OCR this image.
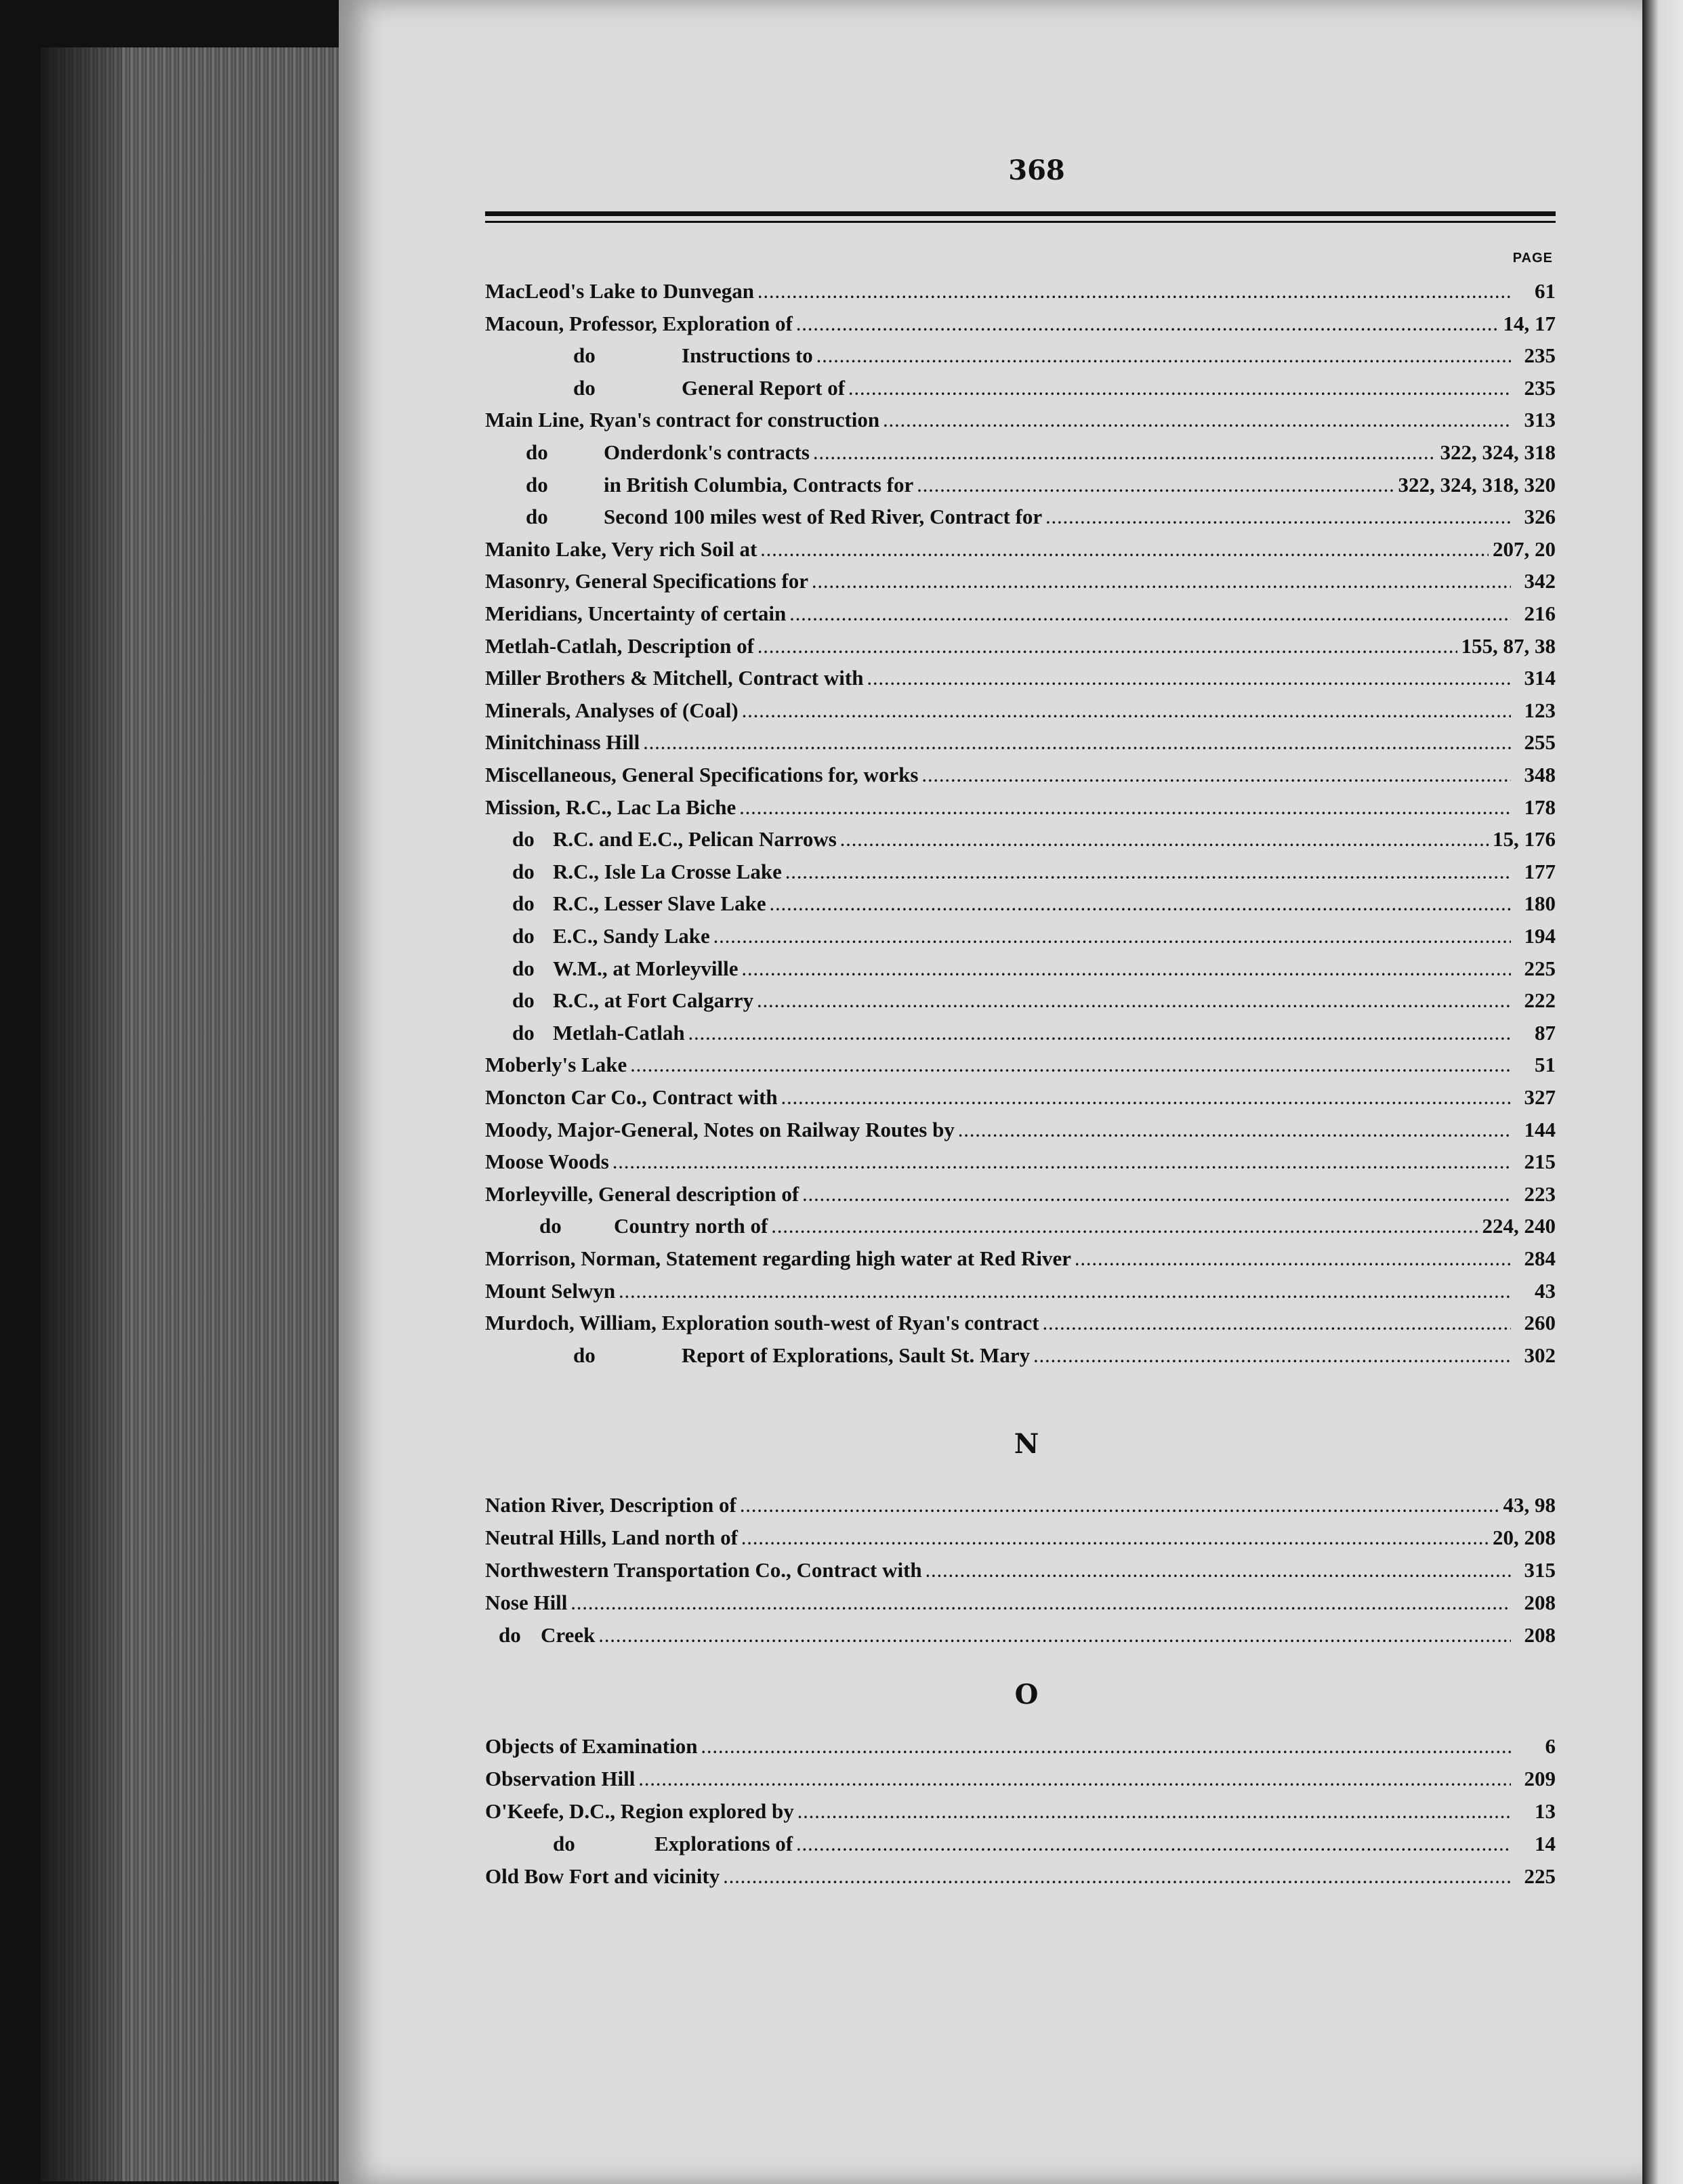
368
PAGE
MacLeod's Lake to Dunvegan .....	61
Macoun, Professor, Exploration of .....	14, 17
do	Instructions to .....	235
do	General Report of .....	235
Main Line, Ryan's contract for construction .....	313
do	Onderdonk's contracts .....	322, 324, 318
do	in British Columbia, Contracts for .....	322, 324, 318, 320
do	Second 100 miles west of Red River, Contract for .....	326
Manito Lake, Very rich Soil at .....	207, 20
Masonry, General Specifications for .....	342
Meridians, Uncertainty of certain .....	216
Metlah-Catlah, Description of .....	155, 87, 38
Miller Brothers & Mitchell, Contract with .....	314
Minerals, Analyses of (Coal) .....	123
Minitchinass Hill .....	255
Miscellaneous, General Specifications for, works .....	348
Mission, R.C., Lac La Biche .....	178
do R.C. and E.C., Pelican Narrows .....	15, 176
do R.C., Isle La Crosse Lake .....	177
do R.C., Lesser Slave Lake .....	180
do E.C., Sandy Lake .....	194
do W.M., at Morleyville .....	225
do R.C., at Fort Calgarry .....	222
do Metlah-Catlah .....	87
Moberly's Lake .....	51
Moncton Car Co., Contract with .....	327
Moody, Major-General, Notes on Railway Routes by .....	144
Moose Woods .....	215
Morleyville, General description of .....	223
do	Country north of .....	224, 240
Morrison, Norman, Statement regarding high water at Red River .....	284
Mount Selwyn .....	43
Murdoch, William, Exploration south-west of Ryan's contract .....	260
do	Report of Explorations, Sault St. Mary .....	302
N
Nation River, Description of .....	43, 98
Neutral Hills, Land north of .....	20, 208
Northwestern Transportation Co., Contract with .....	315
Nose Hill .....	208
do Creek .....	208
O
Objects of Examination .....	6
Observation Hill .....	209
O'Keefe, D.C., Region explored by .....	13
do	Explorations of .....	14
Old Bow Fort and vicinity .....	225
